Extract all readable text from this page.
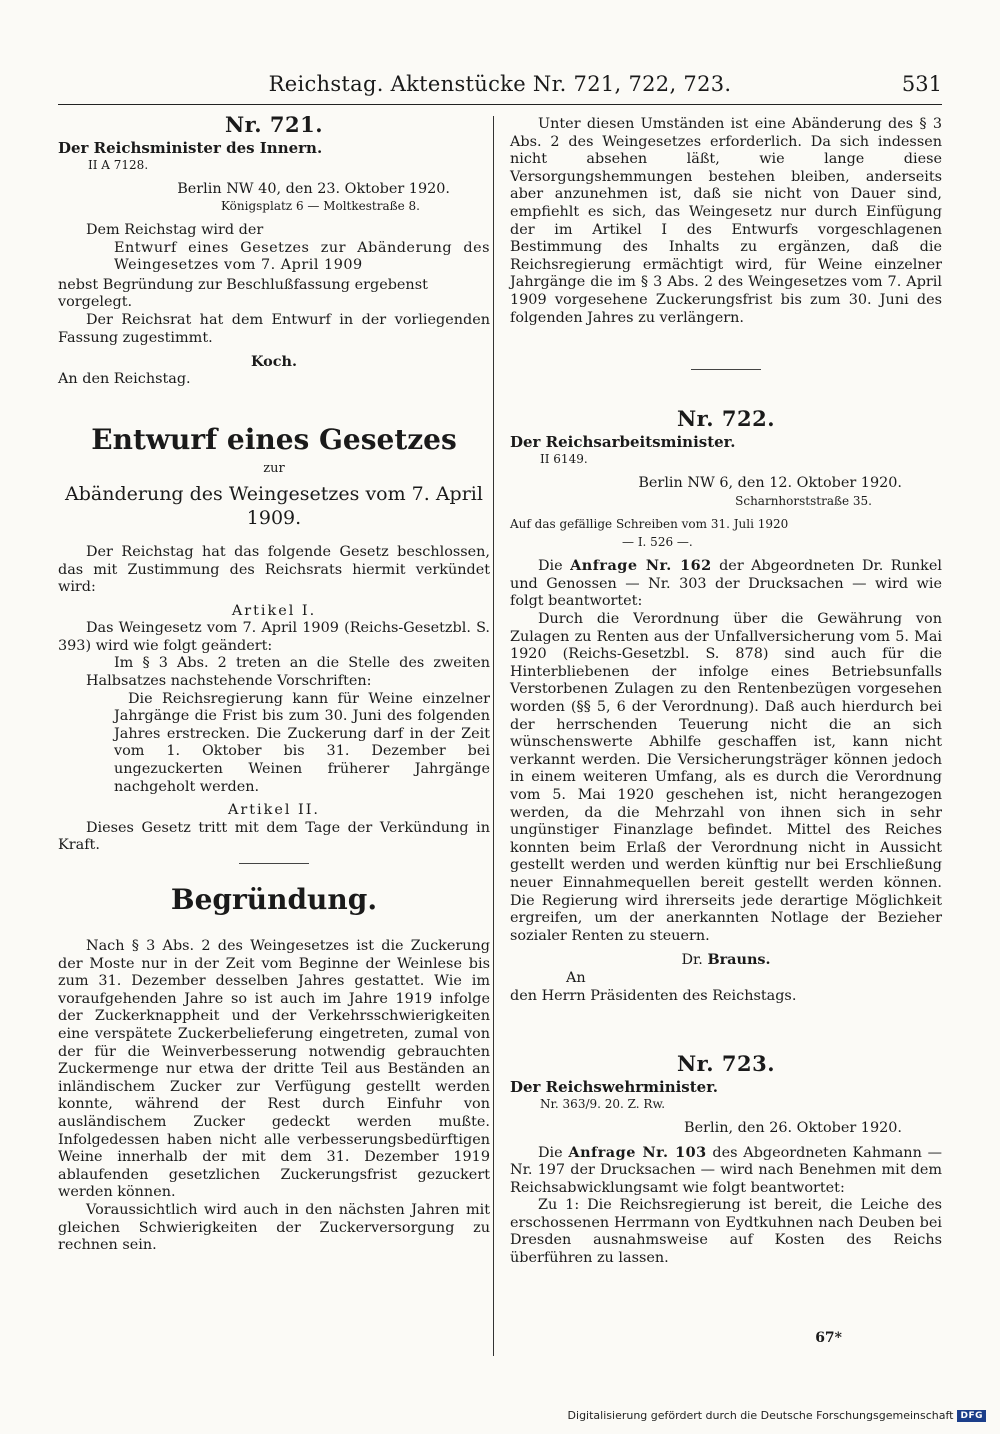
Reichstag. Aktenstücke Nr. 721, 722, 723.	531

Nr. 721.

Der Reichsminister des Innern.

II A 7128.

Berlin NW 40, den 23. Oktober 1920.

Königsplatz 6 — Moltkestraße 8.

Dem Reichstag wird der

Entwurf eines Gesetzes zur Abänderung des Weingesetzes vom 7. April 1909

nebst Begründung zur Beschlußfassung ergebenst vorgelegt.

Der Reichsrat hat dem Entwurf in der vorliegenden Fassung zugestimmt.

Koch.

An den Reichstag.

Entwurf eines Gesetzes

zur

Abänderung des Weingesetzes vom 7. April 1909.

Der Reichstag hat das folgende Gesetz beschlossen, das mit Zustimmung des Reichsrats hiermit verkündet wird:

Artikel I.

Das Weingesetz vom 7. April 1909 (Reichs-Gesetzbl. S. 393) wird wie folgt geändert:

Im § 3 Abs. 2 treten an die Stelle des zweiten Halbsatzes nachstehende Vorschriften:

Die Reichsregierung kann für Weine einzelner Jahrgänge die Frist bis zum 30. Juni des folgenden Jahres erstrecken. Die Zuckerung darf in der Zeit vom 1. Oktober bis 31. Dezember bei ungezuckerten Weinen früherer Jahrgänge nachgeholt werden.

Artikel II.

Dieses Gesetz tritt mit dem Tage der Verkündung in Kraft.

Begründung.

Nach § 3 Abs. 2 des Weingesetzes ist die Zuckerung der Moste nur in der Zeit vom Beginne der Weinlese bis zum 31. Dezember desselben Jahres gestattet. Wie im voraufgehenden Jahre so ist auch im Jahre 1919 infolge der Zuckerknappheit und der Verkehrsschwierigkeiten eine verspätete Zuckerbelieferung eingetreten, zumal von der für die Weinverbesserung notwendig gebrauchten Zuckermenge nur etwa der dritte Teil aus Beständen an inländischem Zucker zur Verfügung gestellt werden konnte, während der Rest durch Einfuhr von ausländischem Zucker gedeckt werden mußte. Infolgedessen haben nicht alle verbesserungsbedürftigen Weine innerhalb der mit dem 31. Dezember 1919 ablaufenden gesetzlichen Zuckerungsfrist gezuckert werden können.

Voraussichtlich wird auch in den nächsten Jahren mit gleichen Schwierigkeiten der Zuckerversorgung zu rechnen sein.

Unter diesen Umständen ist eine Abänderung des § 3 Abs. 2 des Weingesetzes erforderlich. Da sich indessen nicht absehen läßt, wie lange diese Versorgungshemmungen bestehen bleiben, anderseits aber anzunehmen ist, daß sie nicht von Dauer sind, empfiehlt es sich, das Weingesetz nur durch Einfügung der im Artikel I des Entwurfs vorgeschlagenen Bestimmung des Inhalts zu ergänzen, daß die Reichsregierung ermächtigt wird, für Weine einzelner Jahrgänge die im § 3 Abs. 2 des Weingesetzes vom 7. April 1909 vorgesehene Zuckerungsfrist bis zum 30. Juni des folgenden Jahres zu verlängern.

Nr. 722.

Der Reichsarbeitsminister.

II 6149.

Berlin NW 6, den 12. Oktober 1920.

Scharnhorststraße 35.

Auf das gefällige Schreiben vom 31. Juli 1920

— I. 526 —.

Die Anfrage Nr. 162 der Abgeordneten Dr. Runkel und Genossen — Nr. 303 der Drucksachen — wird wie folgt beantwortet:

Durch die Verordnung über die Gewährung von Zulagen zu Renten aus der Unfallversicherung vom 5. Mai 1920 (Reichs-Gesetzbl. S. 878) sind auch für die Hinterbliebenen der infolge eines Betriebsunfalls Verstorbenen Zulagen zu den Rentenbezügen vorgesehen worden (§§ 5, 6 der Verordnung). Daß auch hierdurch bei der herrschenden Teuerung nicht die an sich wünschenswerte Abhilfe geschaffen ist, kann nicht verkannt werden. Die Versicherungsträger können jedoch in einem weiteren Umfang, als es durch die Verordnung vom 5. Mai 1920 geschehen ist, nicht herangezogen werden, da die Mehrzahl von ihnen sich in sehr ungünstiger Finanzlage befindet. Mittel des Reiches konnten beim Erlaß der Verordnung nicht in Aussicht gestellt werden und werden künftig nur bei Erschließung neuer Einnahmequellen bereit gestellt werden können. Die Regierung wird ihrerseits jede derartige Möglichkeit ergreifen, um der anerkannten Notlage der Bezieher sozialer Renten zu steuern.

Dr. Brauns.

An

den Herrn Präsidenten des Reichstags.

Nr. 723.

Der Reichswehrminister.

Nr. 363/9. 20. Z. Rw.

Berlin, den 26. Oktober 1920.

Die Anfrage Nr. 103 des Abgeordneten Kahmann — Nr. 197 der Drucksachen — wird nach Benehmen mit dem Reichsabwicklungsamt wie folgt beantwortet:

Zu 1: Die Reichsregierung ist bereit, die Leiche des erschossenen Herrmann von Eydtkuhnen nach Deuben bei Dresden ausnahmsweise auf Kosten des Reichs überführen zu lassen.

67*
Digitalisierung gefördert durch die Deutsche Forschungsgemeinschaft DFG
